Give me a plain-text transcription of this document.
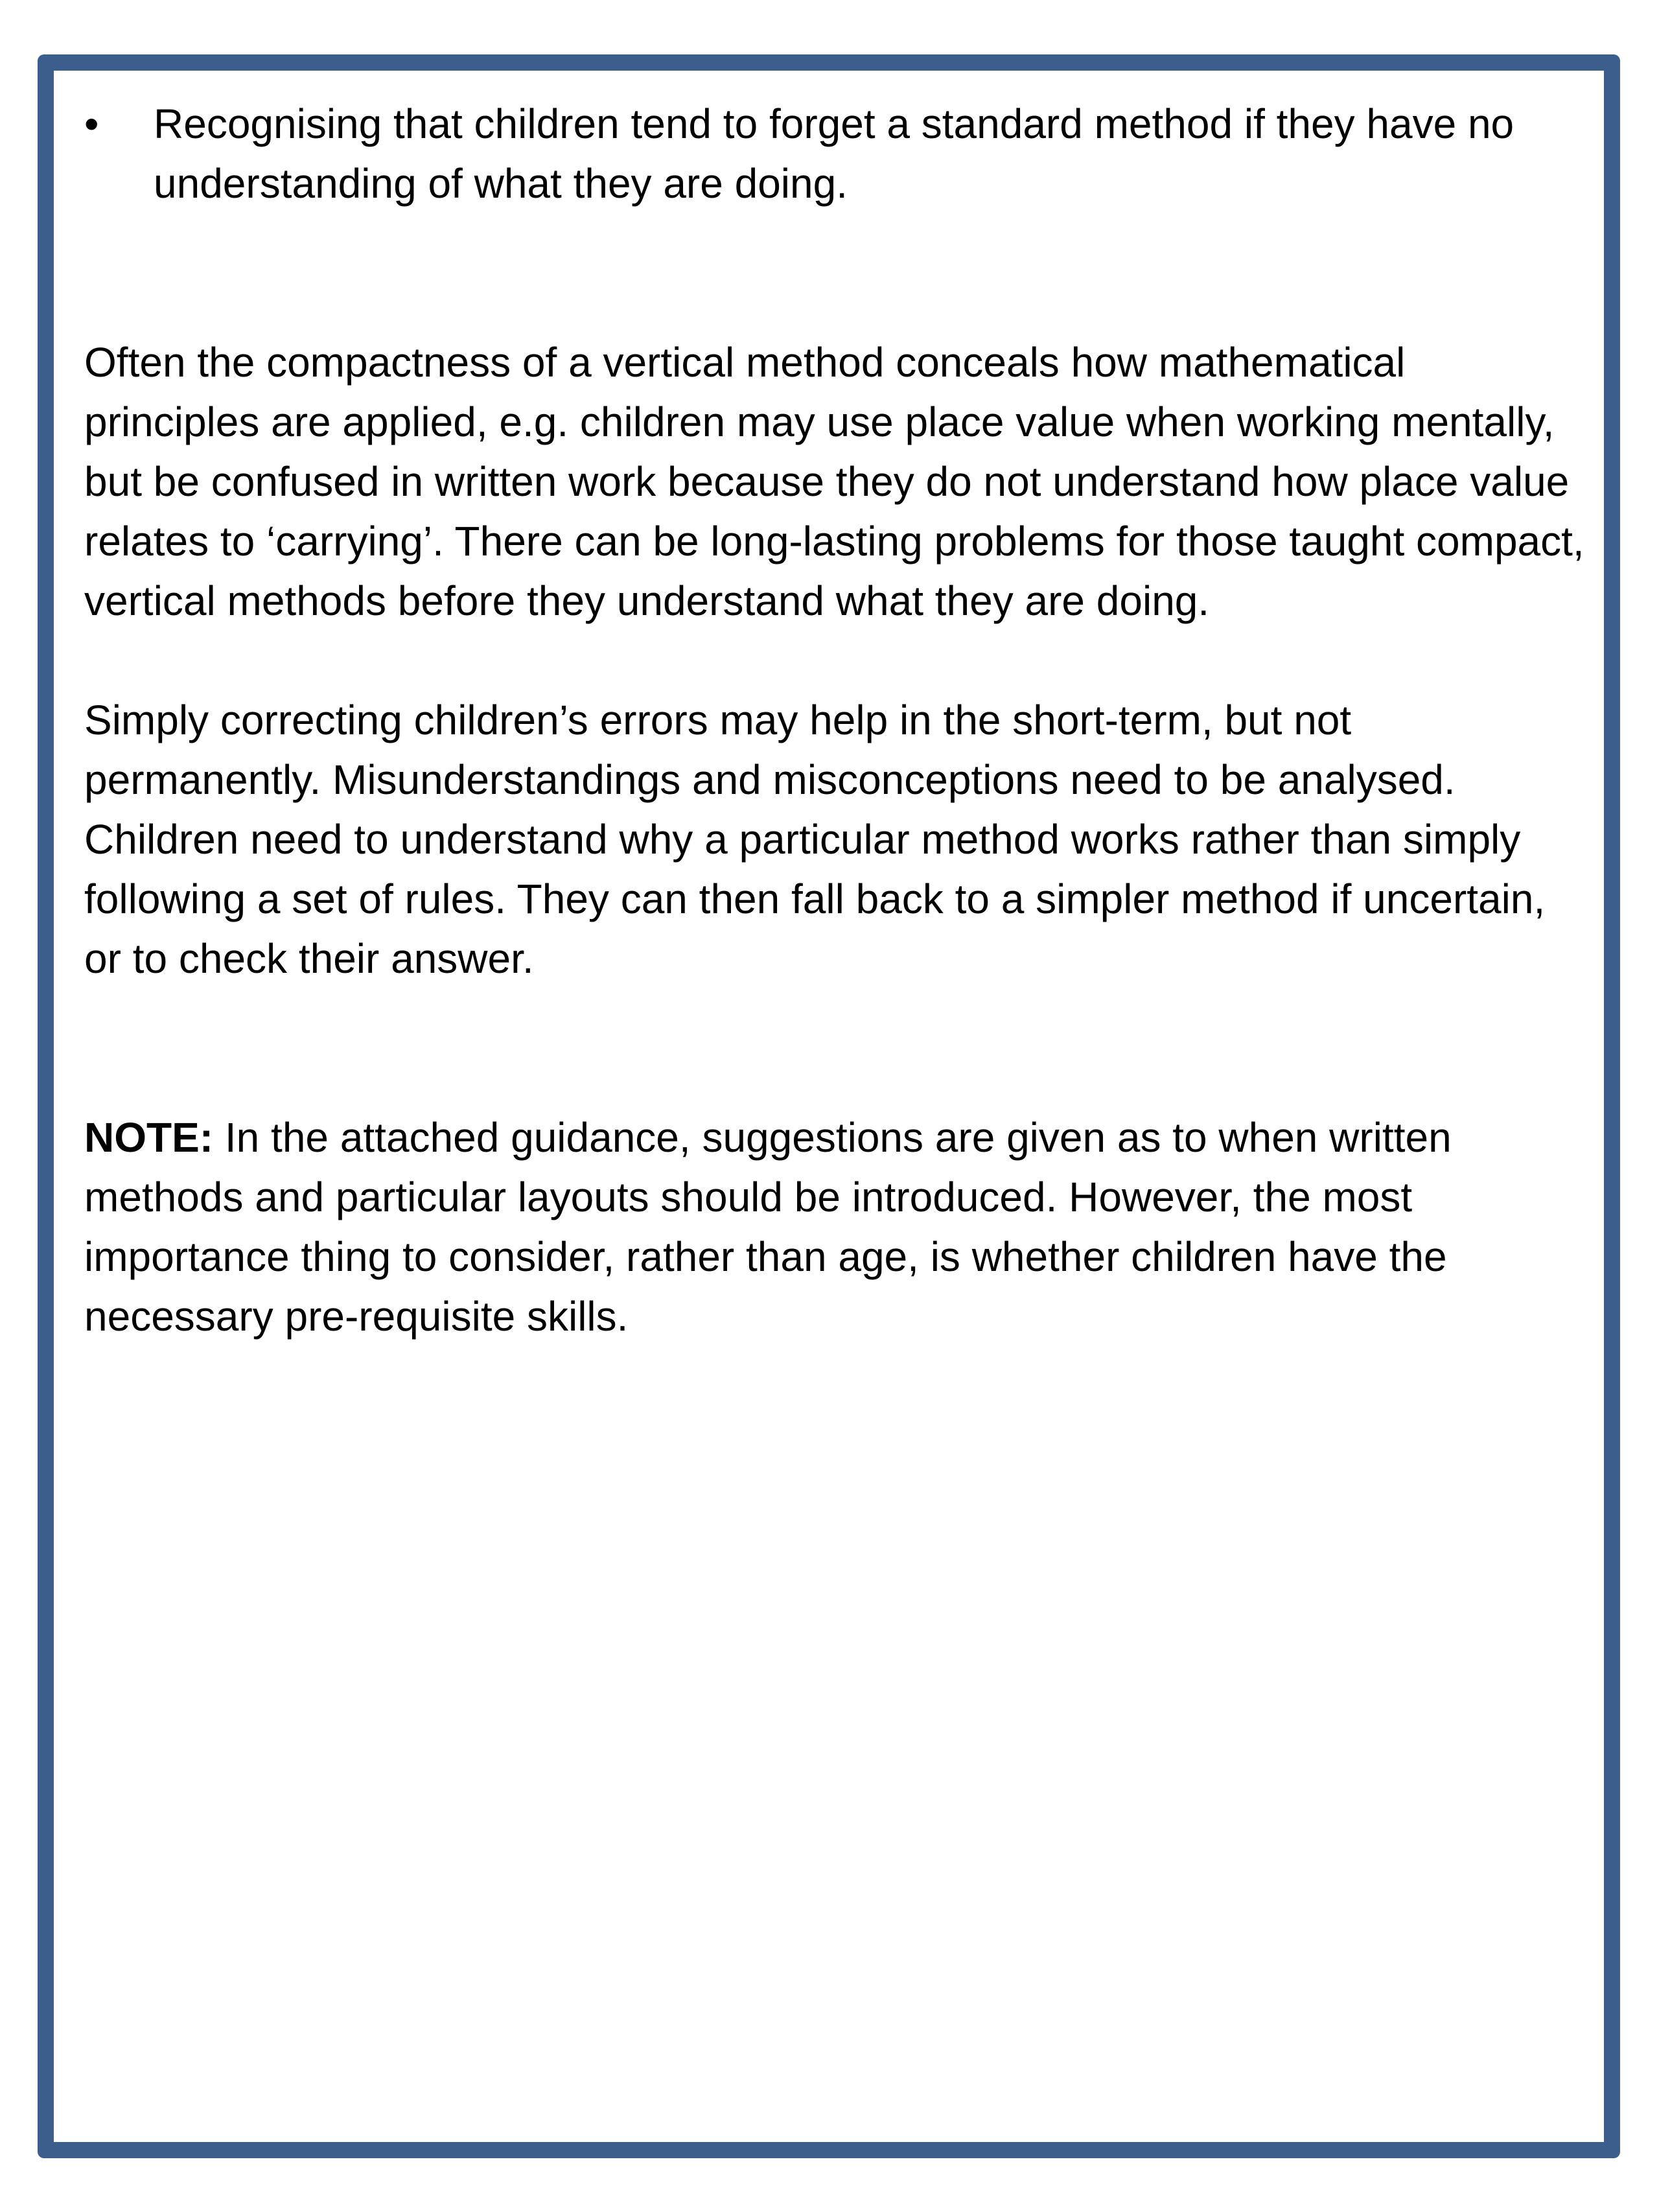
• Recognising that children tend to forget a standard method if they have no understanding of what they are doing.

Often the compactness of a vertical method conceals how mathematical principles are applied, e.g. children may use place value when working mentally, but be confused in written work because they do not understand how place value relates to ‘carrying’. There can be long-lasting problems for those taught compact, vertical methods before they understand what they are doing.

Simply correcting children’s errors may help in the short-term, but not permanently. Misunderstandings and misconceptions need to be analysed. Children need to understand why a particular method works rather than simply following a set of rules. They can then fall back to a simpler method if uncertain, or to check their answer.

NOTE: In the attached guidance, suggestions are given as to when written methods and particular layouts should be introduced. However, the most importance thing to consider, rather than age, is whether children have the necessary pre-requisite skills.
